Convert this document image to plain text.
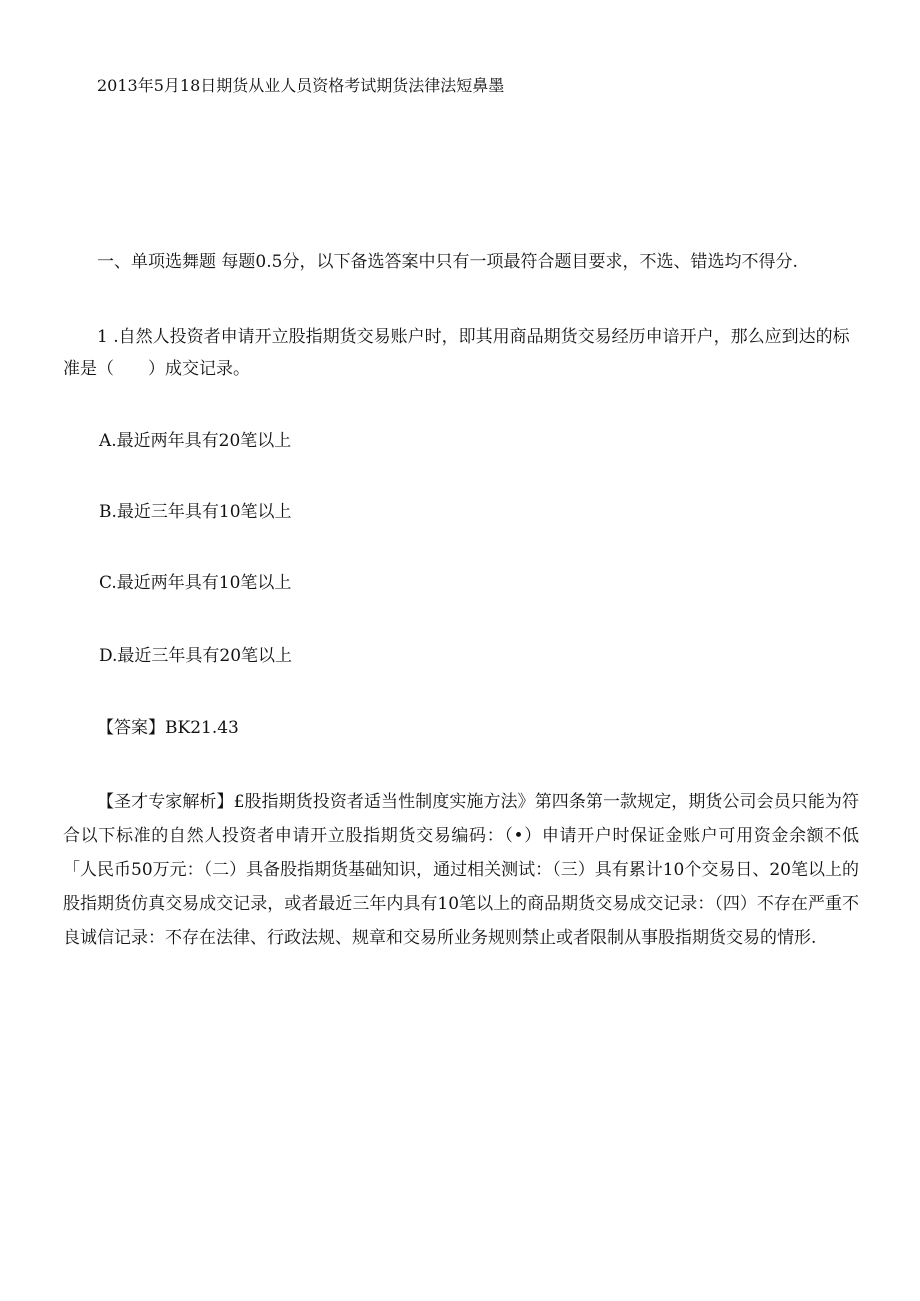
2013年5月18日期货从业人员资格考试期货法律法短鼻墨
一、单项选舞题 每题0.5分，以下备选答案中只有一项最符合题目要求，不选、错选均不得分.
1 .自然人投资者申请开立股指期货交易账户时，即其用商品期货交易经历申谙开户，那么应到达的标准是（　　）成交记录。
A.最近两年具有20笔以上
B.最近三年具有10笔以上
C.最近两年具有10笔以上
D.最近三年具有20笔以上
【答案】BK21.43
【圣才专家解析】£股指期货投资者适当性制度实施方法》第四条第一款规定，期货公司会员只能为符合以下标准的自然人投资者申请开立股指期货交易编码：（•）申请开户时保证金账户可用资金余额不低「人民币50万元：（二）具备股指期货基础知识，通过相关测试：（三）具有累计10个交易日、20笔以上的股指期货仿真交易成交记录，或者最近三年内具有10笔以上的商品期货交易成交记录：（四）不存在严重不良诚信记录：不存在法律、行政法规、规章和交易所业务规则禁止或者限制从事股指期货交易的情形.
